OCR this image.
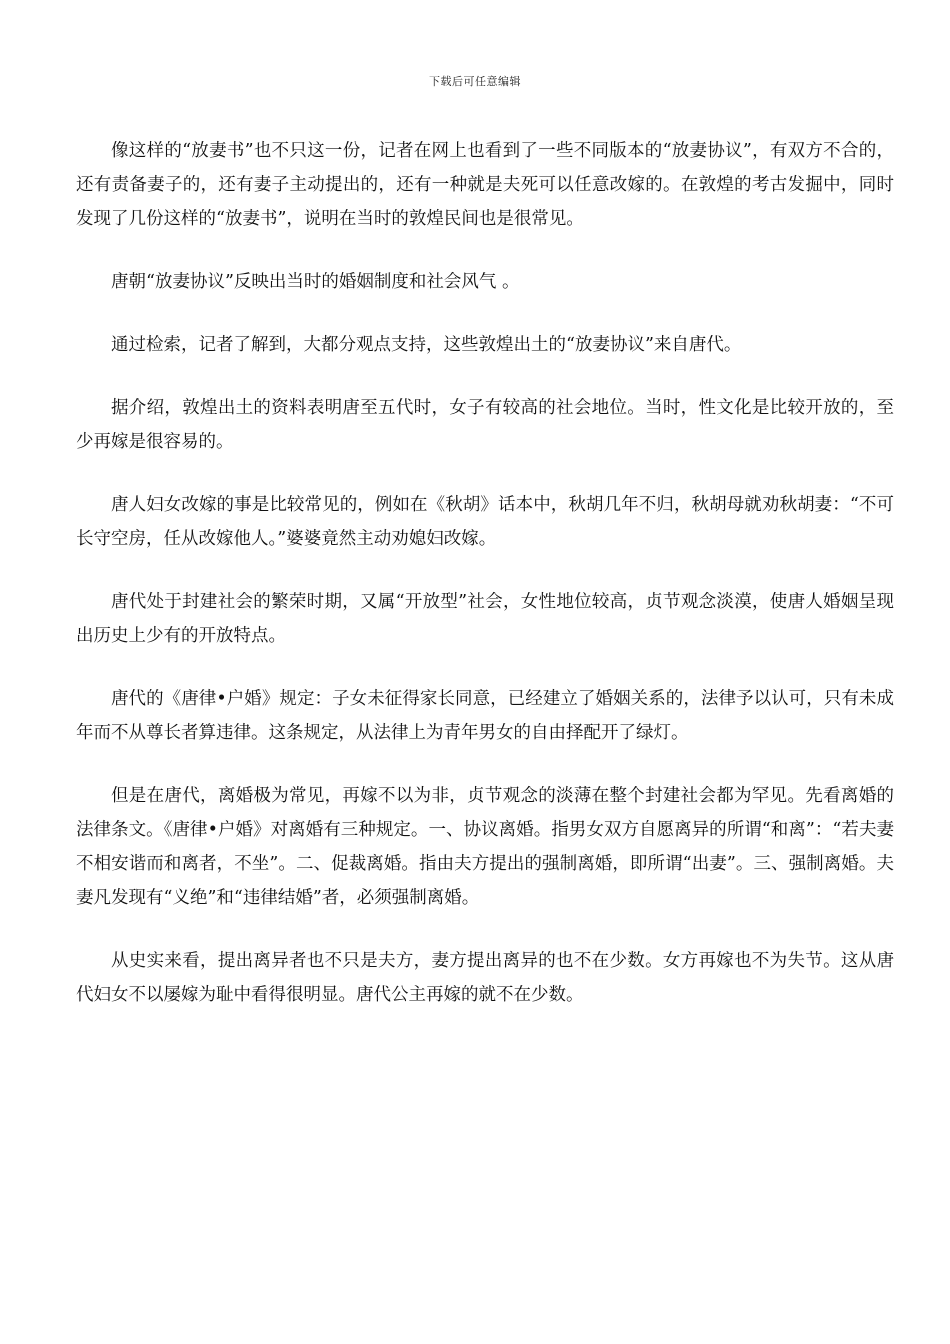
下载后可任意编辑

像这样的“放妻书”也不只这一份，记者在网上也看到了一些不同版本的“放妻协议”，有双方不合的，还有责备妻子的，还有妻子主动提出的，还有一种就是夫死可以任意改嫁的。在敦煌的考古发掘中，同时发现了几份这样的“放妻书”，说明在当时的敦煌民间也是很常见。

唐朝“放妻协议”反映出当时的婚姻制度和社会风气 。

通过检索，记者了解到，大都分观点支持，这些敦煌出土的“放妻协议”来自唐代。

据介绍，敦煌出土的资料表明唐至五代时，女子有较高的社会地位。当时，性文化是比较开放的，至少再嫁是很容易的。

唐人妇女改嫁的事是比较常见的，例如在《秋胡》话本中，秋胡几年不归，秋胡母就劝秋胡妻：“不可长守空房，任从改嫁他人。”婆婆竟然主动劝媳妇改嫁。

唐代处于封建社会的繁荣时期，又属“开放型”社会，女性地位较高，贞节观念淡漠，使唐人婚姻呈现出历史上少有的开放特点。

唐代的《唐律•户婚》规定：子女未征得家长同意，已经建立了婚姻关系的，法律予以认可，只有未成年而不从尊长者算违律。这条规定，从法律上为青年男女的自由择配开了绿灯。

但是在唐代，离婚极为常见，再嫁不以为非，贞节观念的淡薄在整个封建社会都为罕见。先看离婚的法律条文。《唐律•户婚》对离婚有三种规定。一、协议离婚。指男女双方自愿离异的所谓“和离”：“若夫妻不相安谐而和离者，不坐”。二、促裁离婚。指由夫方提出的强制离婚，即所谓“出妻”。三、强制离婚。夫妻凡发现有“义绝”和“违律结婚”者，必须强制离婚。

从史实来看，提出离异者也不只是夫方，妻方提出离异的也不在少数。女方再嫁也不为失节。这从唐代妇女不以屡嫁为耻中看得很明显。唐代公主再嫁的就不在少数。
